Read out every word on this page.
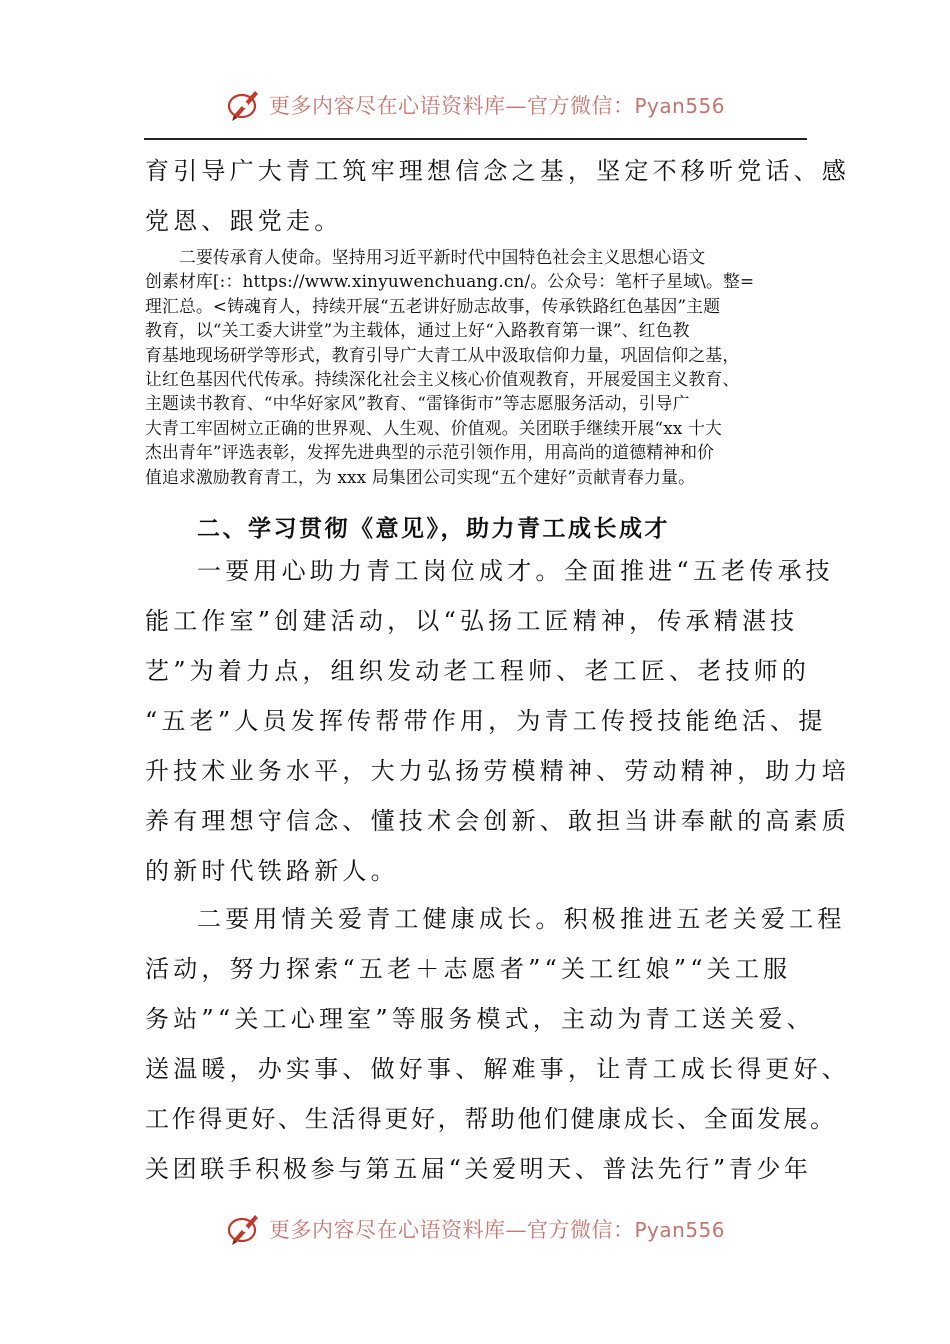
更多内容尽在心语资料库—官方微信：Pyan556
育引导广大青工筑牢理想信念之基，坚定不移听党话、感
党恩、跟党走。
　　二要传承育人使命。坚持用习近平新时代中国特色社会主义思想心语文
创素材库[:：https://www.xinyuwenchuang.cn/。公众号：笔杆子星域\。整=
理汇总。<铸魂育人，持续开展“五老讲好励志故事，传承铁路红色基因”主题
教育，以“关工委大讲堂”为主载体，通过上好“入路教育第一课”、红色教
育基地现场研学等形式，教育引导广大青工从中汲取信仰力量，巩固信仰之基，
让红色基因代代传承。持续深化社会主义核心价值观教育，开展爱国主义教育、
主题读书教育、“中华好家风”教育、“雷锋街市”等志愿服务活动，引导广
大青工牢固树立正确的世界观、人生观、价值观。关团联手继续开展“xx 十大
杰出青年”评选表彰，发挥先进典型的示范引领作用，用高尚的道德精神和价
值追求激励教育青工，为 xxx 局集团公司实现“五个建好”贡献青春力量。
二、学习贯彻《意见》，助力青工成长成才
一要用心助力青工岗位成才。全面推进“五老传承技
能工作室”创建活动，以“弘扬工匠精神，传承精湛技
艺”为着力点，组织发动老工程师、老工匠、老技师的
“五老”人员发挥传帮带作用，为青工传授技能绝活、提
升技术业务水平，大力弘扬劳模精神、劳动精神，助力培
养有理想守信念、懂技术会创新、敢担当讲奉献的高素质
的新时代铁路新人。
二要用情关爱青工健康成长。积极推进五老关爱工程
活动，努力探索“五老＋志愿者”“关工红娘”“关工服
务站”“关工心理室”等服务模式，主动为青工送关爱、
送温暖，办实事、做好事、解难事，让青工成长得更好、
工作得更好、生活得更好，帮助他们健康成长、全面发展。
关团联手积极参与第五届“关爱明天、普法先行”青少年
更多内容尽在心语资料库—官方微信：Pyan556
